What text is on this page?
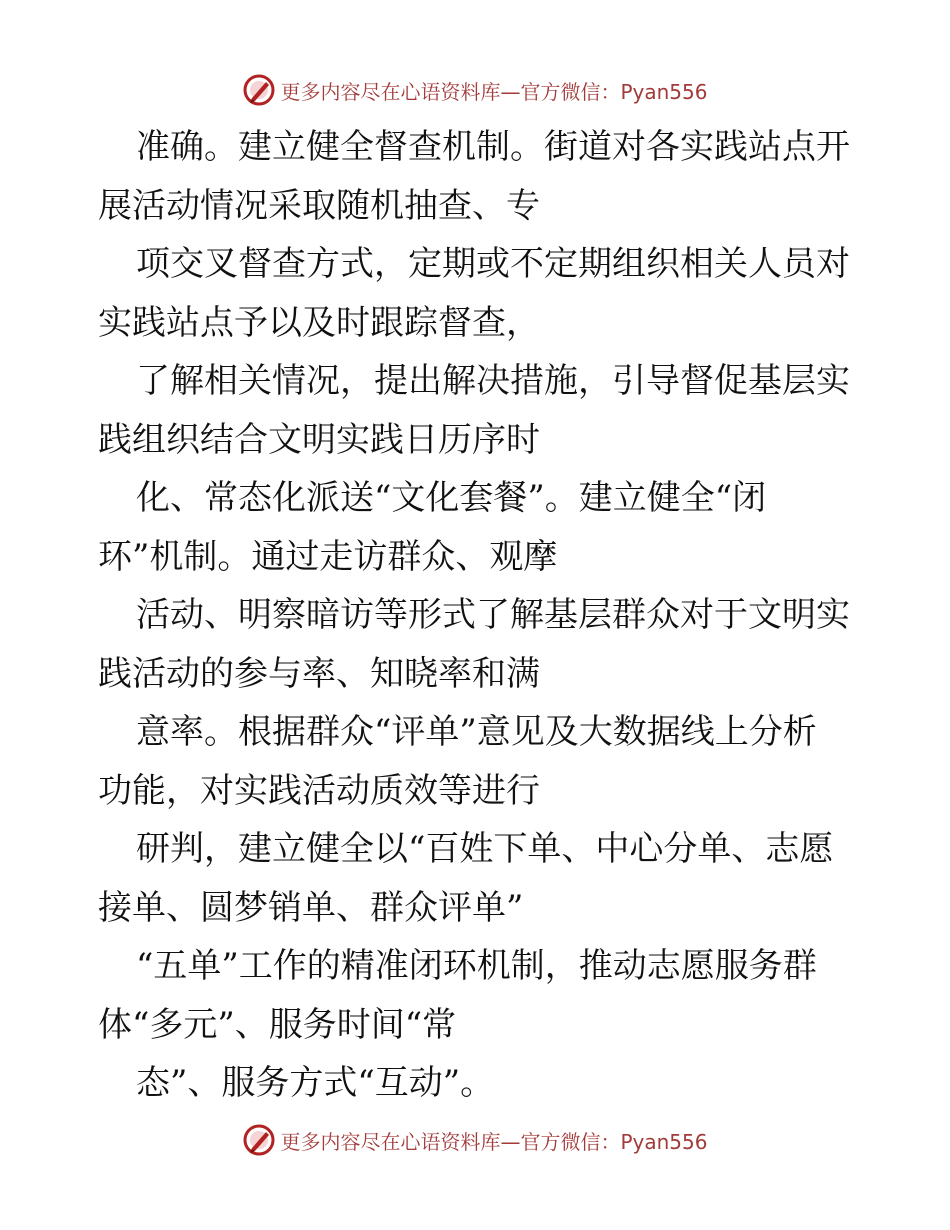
更多内容尽在心语资料库—官方微信：Pyan556
准确。建立健全督查机制。街道对各实践站点开
展活动情况采取随机抽查、专
项交叉督查方式，定期或不定期组织相关人员对
实践站点予以及时跟踪督查，
了解相关情况，提出解决措施，引导督促基层实
践组织结合文明实践日历序时
化、常态化派送“文化套餐”。建立健全“闭
环”机制。通过走访群众、观摩
活动、明察暗访等形式了解基层群众对于文明实
践活动的参与率、知晓率和满
意率。根据群众“评单”意见及大数据线上分析
功能，对实践活动质效等进行
研判，建立健全以“百姓下单、中心分单、志愿
接单、圆梦销单、群众评单”
“五单”工作的精准闭环机制，推动志愿服务群
体“多元”、服务时间“常
态”、服务方式“互动”。
更多内容尽在心语资料库—官方微信：Pyan556
